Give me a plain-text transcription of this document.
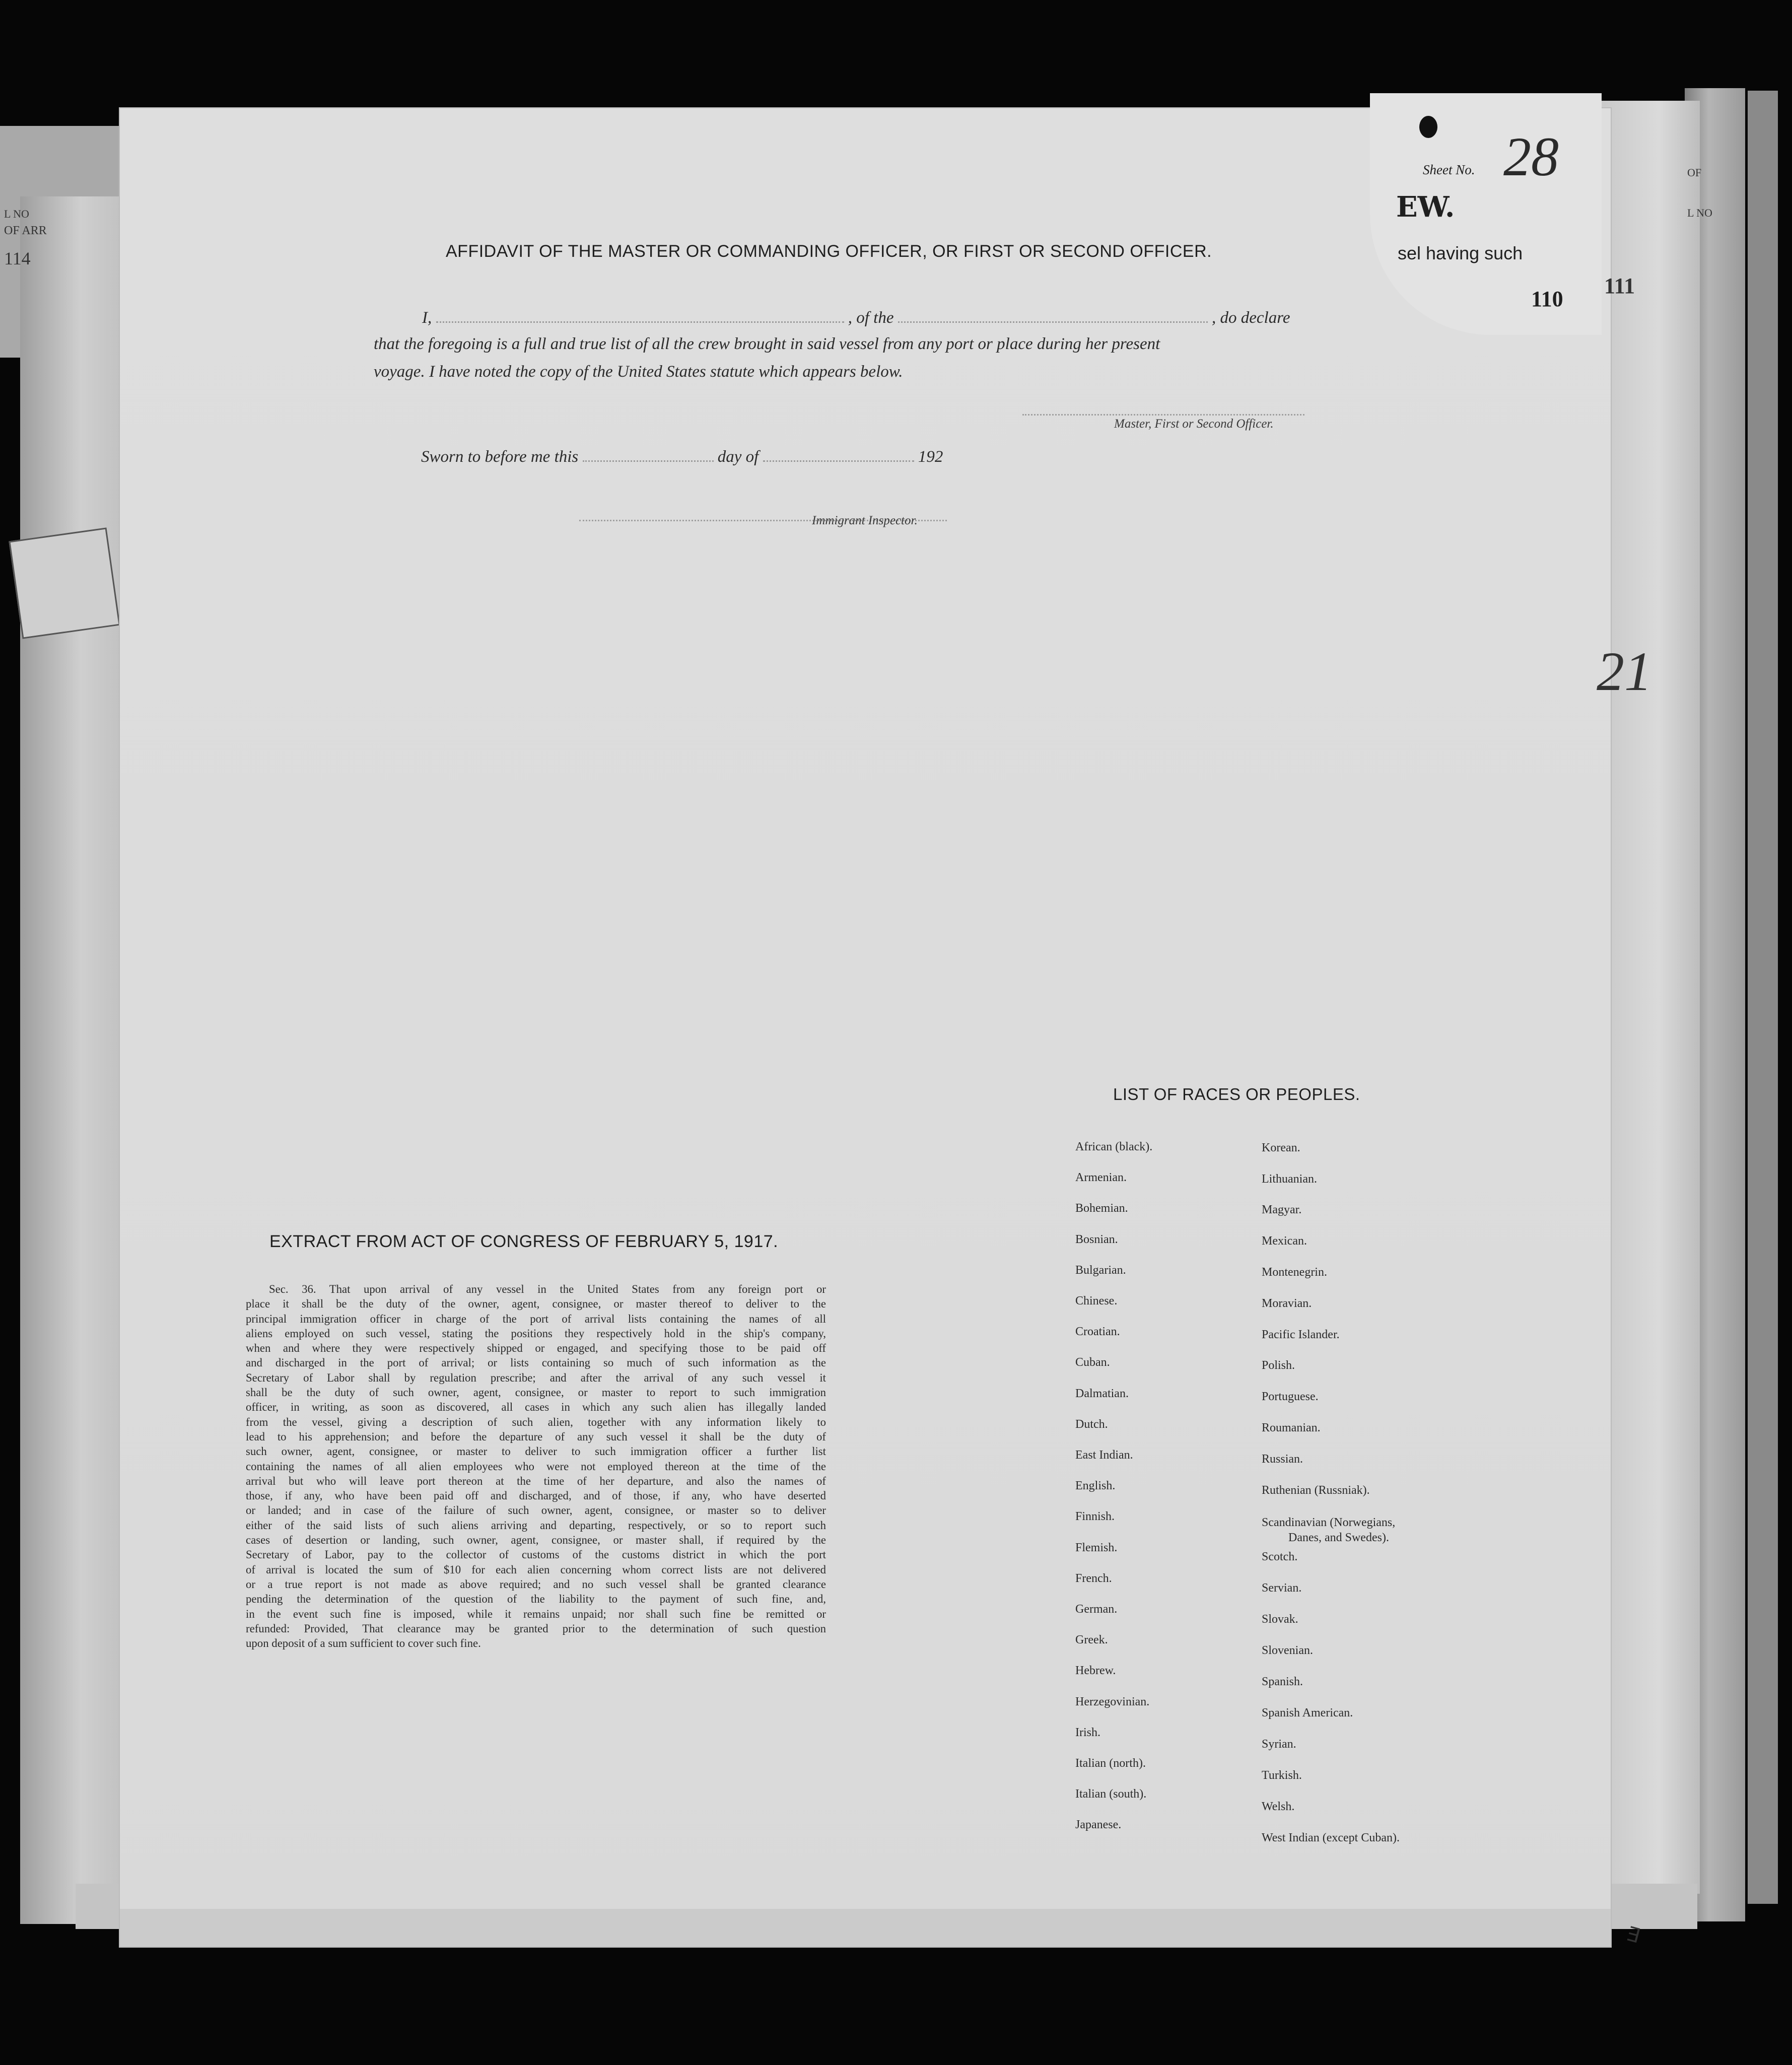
L NO
OF ARR
114
OF
L NO
Sheet No. 28
EW.
sel having such
110
111
21
AFFIDAVIT OF THE MASTER OR COMMANDING OFFICER, OR FIRST OR SECOND OFFICER.
I,	, of the	, do declare
that the foregoing is a full and true list of all the crew brought in said vessel from any port or place during her present
voyage. I have noted the copy of the United States statute which appears below.
Master, First or Second Officer.
Sworn to before me this	day of	192
Immigrant Inspector.
EXTRACT FROM ACT OF CONGRESS OF FEBRUARY 5, 1917.
Sec. 36. That upon arrival of any vessel in the United States from any foreign port or
place it shall be the duty of the owner, agent, consignee, or master thereof to deliver to the
principal immigration officer in charge of the port of arrival lists containing the names of all
aliens employed on such vessel, stating the positions they respectively hold in the ship's company,
when and where they were respectively shipped or engaged, and specifying those to be paid off
and discharged in the port of arrival; or lists containing so much of such information as the
Secretary of Labor shall by regulation prescribe; and after the arrival of any such vessel it
shall be the duty of such owner, agent, consignee, or master to report to such immigration
officer, in writing, as soon as discovered, all cases in which any such alien has illegally landed
from the vessel, giving a description of such alien, together with any information likely to
lead to his apprehension; and before the departure of any such vessel it shall be the duty of
such owner, agent, consignee, or master to deliver to such immigration officer a further list
containing the names of all alien employees who were not employed thereon at the time of the
arrival but who will leave port thereon at the time of her departure, and also the names of
those, if any, who have been paid off and discharged, and of those, if any, who have deserted
or landed; and in case of the failure of such owner, agent, consignee, or master so to deliver
either of the said lists of such aliens arriving and departing, respectively, or so to report such
cases of desertion or landing, such owner, agent, consignee, or master shall, if required by the
Secretary of Labor, pay to the collector of customs of the customs district in which the port
of arrival is located the sum of $10 for each alien concerning whom correct lists are not delivered
or a true report is not made as above required; and no such vessel shall be granted clearance
pending the determination of the question of the liability to the payment of such fine, and,
in the event such fine is imposed, while it remains unpaid; nor shall such fine be remitted or
refunded: Provided, That clearance may be granted prior to the determination of such question
upon deposit of a sum sufficient to cover such fine.
LIST OF RACES OR PEOPLES.
African (black).
Armenian.
Bohemian.
Bosnian.
Bulgarian.
Chinese.
Croatian.
Cuban.
Dalmatian.
Dutch.
East Indian.
English.
Finnish.
Flemish.
French.
German.
Greek.
Hebrew.
Herzegovinian.
Irish.
Italian (north).
Italian (south).
Japanese.
Korean.
Lithuanian.
Magyar.
Mexican.
Montenegrin.
Moravian.
Pacific Islander.
Polish.
Portuguese.
Roumanian.
Russian.
Ruthenian (Russniak).
Scandinavian (Norwegians,
Danes, and Swedes).
Scotch.
Servian.
Slovak.
Slovenian.
Spanish.
Spanish American.
Syrian.
Turkish.
Welsh.
West Indian (except Cuban).
∃
